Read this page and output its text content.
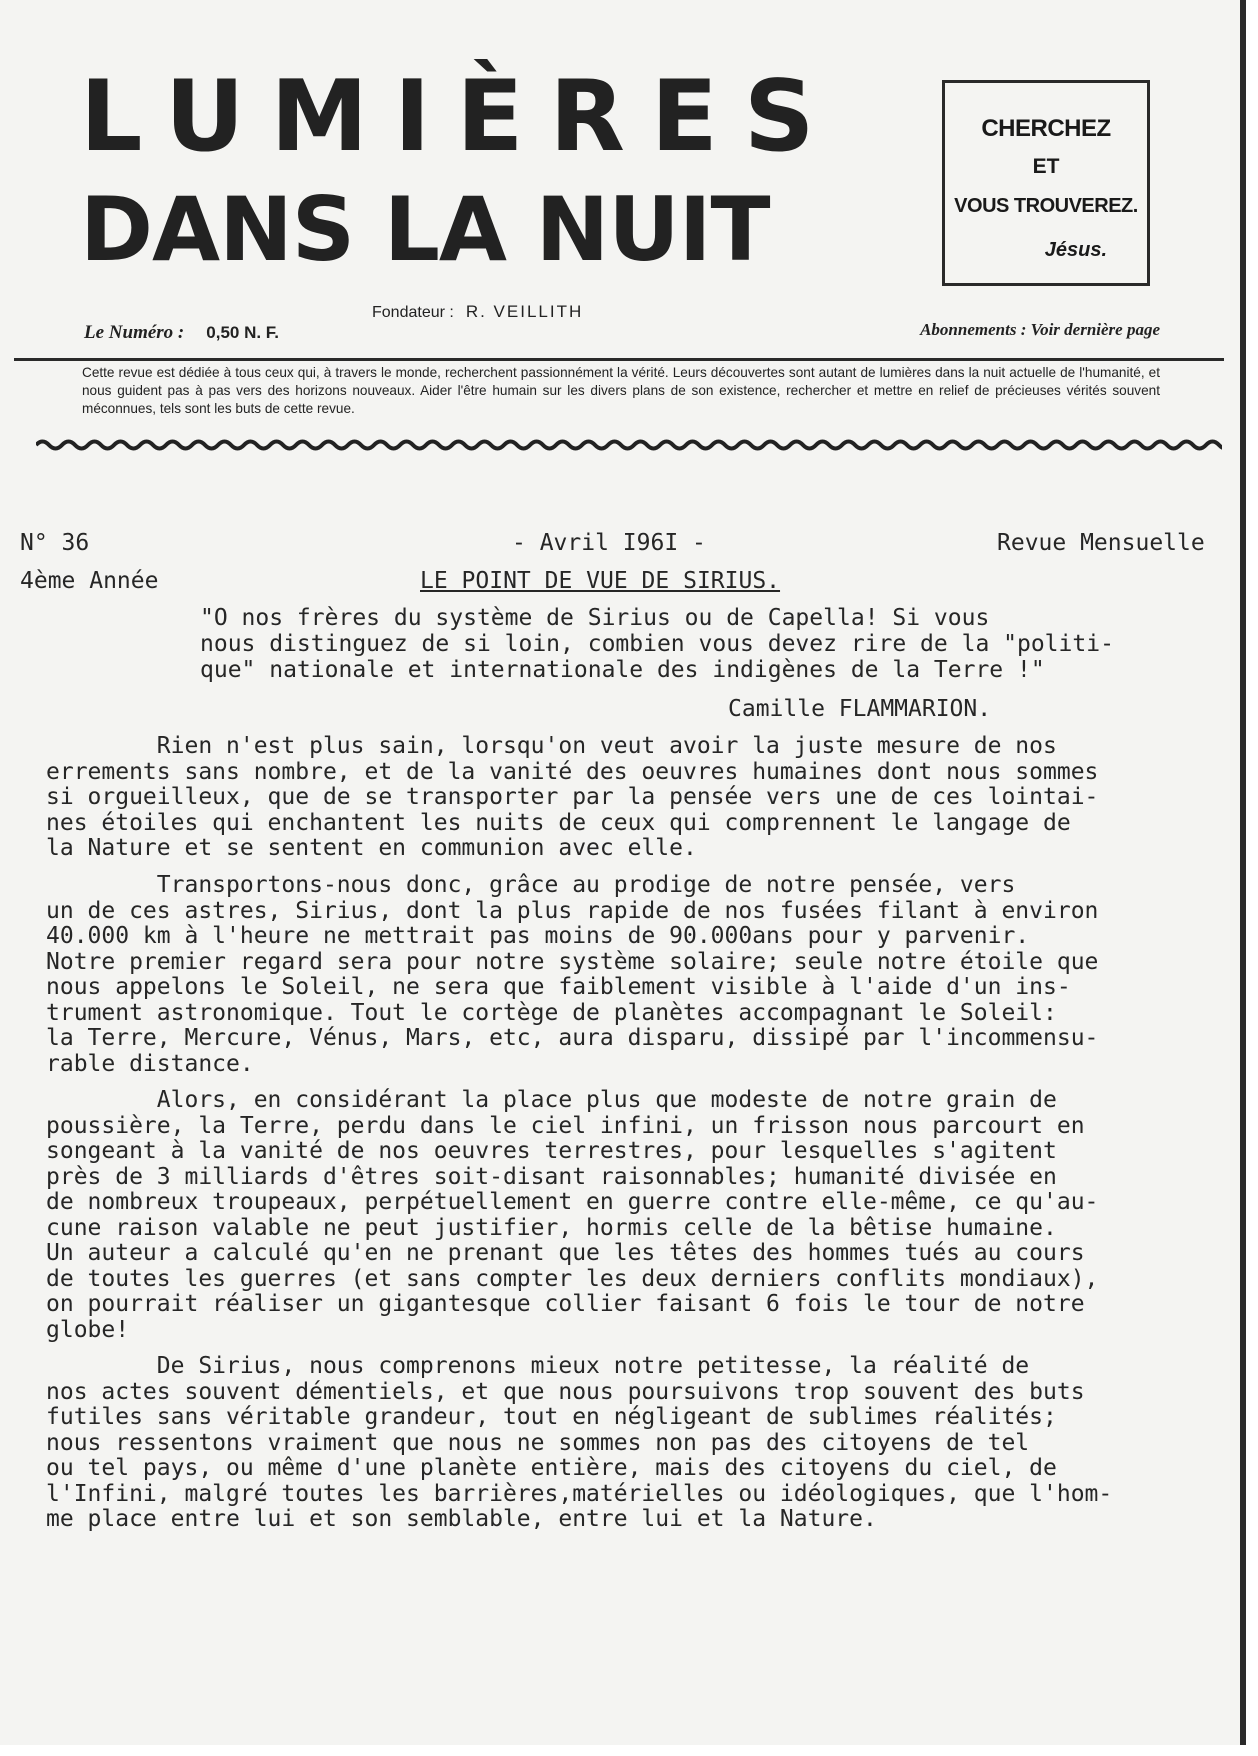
LUMIÈRES
DANS LA NUIT
CHERCHEZ
ET
VOUS TROUVEREZ.
Jésus.
Fondateur : R. VEILLITH
Le Numéro : 0,50 N. F.	Abonnements : Voir dernière page

Cette revue est dédiée à tous ceux qui, à travers le monde, recherchent passionnément la vérité. Leurs découvertes sont autant de lumières dans la nuit actuelle de l'humanité, et nous guident pas à pas vers des horizons nouveaux. Aider l'être humain sur les divers plans de son existence, rechercher et mettre en relief de précieuses vérités souvent méconnues, tels sont les buts de cette revue.

N° 36	- Avril I96I -	Revue Mensuelle
4ème Année	LE POINT DE VUE DE SIRIUS.
"O nos frères du système de Sirius ou de Capella! Si vous
nous distinguez de si loin, combien vous devez rire de la "politi-
que" nationale et internationale des indigènes de la Terre !"
Camille FLAMMARION.
Rien n'est plus sain, lorsqu'on veut avoir la juste mesure de nos
errements sans nombre, et de la vanité des oeuvres humaines dont nous sommes
si orgueilleux, que de se transporter par la pensée vers une de ces lointai-
nes étoiles qui enchantent les nuits de ceux qui comprennent le langage de
la Nature et se sentent en communion avec elle.
Transportons-nous donc, grâce au prodige de notre pensée, vers
un de ces astres, Sirius, dont la plus rapide de nos fusées filant à environ
40.000 km à l'heure ne mettrait pas moins de 90.000ans pour y parvenir.
Notre premier regard sera pour notre système solaire; seule notre étoile que
nous appelons le Soleil, ne sera que faiblement visible à l'aide d'un ins-
trument astronomique. Tout le cortège de planètes accompagnant le Soleil:
la Terre, Mercure, Vénus, Mars, etc, aura disparu, dissipé par l'incommensu-
rable distance.
Alors, en considérant la place plus que modeste de notre grain de
poussière, la Terre, perdu dans le ciel infini, un frisson nous parcourt en
songeant à la vanité de nos oeuvres terrestres, pour lesquelles s'agitent
près de 3 milliards d'êtres soit-disant raisonnables; humanité divisée en
de nombreux troupeaux, perpétuellement en guerre contre elle-même, ce qu'au-
cune raison valable ne peut justifier, hormis celle de la bêtise humaine.
Un auteur a calculé qu'en ne prenant que les têtes des hommes tués au cours
de toutes les guerres (et sans compter les deux derniers conflits mondiaux),
on pourrait réaliser un gigantesque collier faisant 6 fois le tour de notre
globe!
De Sirius, nous comprenons mieux notre petitesse, la réalité de
nos actes souvent démentiels, et que nous poursuivons trop souvent des buts
futiles sans véritable grandeur, tout en négligeant de sublimes réalités;
nous ressentons vraiment que nous ne sommes non pas des citoyens de tel
ou tel pays, ou même d'une planète entière, mais des citoyens du ciel, de
l'Infini, malgré toutes les barrières,matérielles ou idéologiques, que l'hom-
me place entre lui et son semblable, entre lui et la Nature.
